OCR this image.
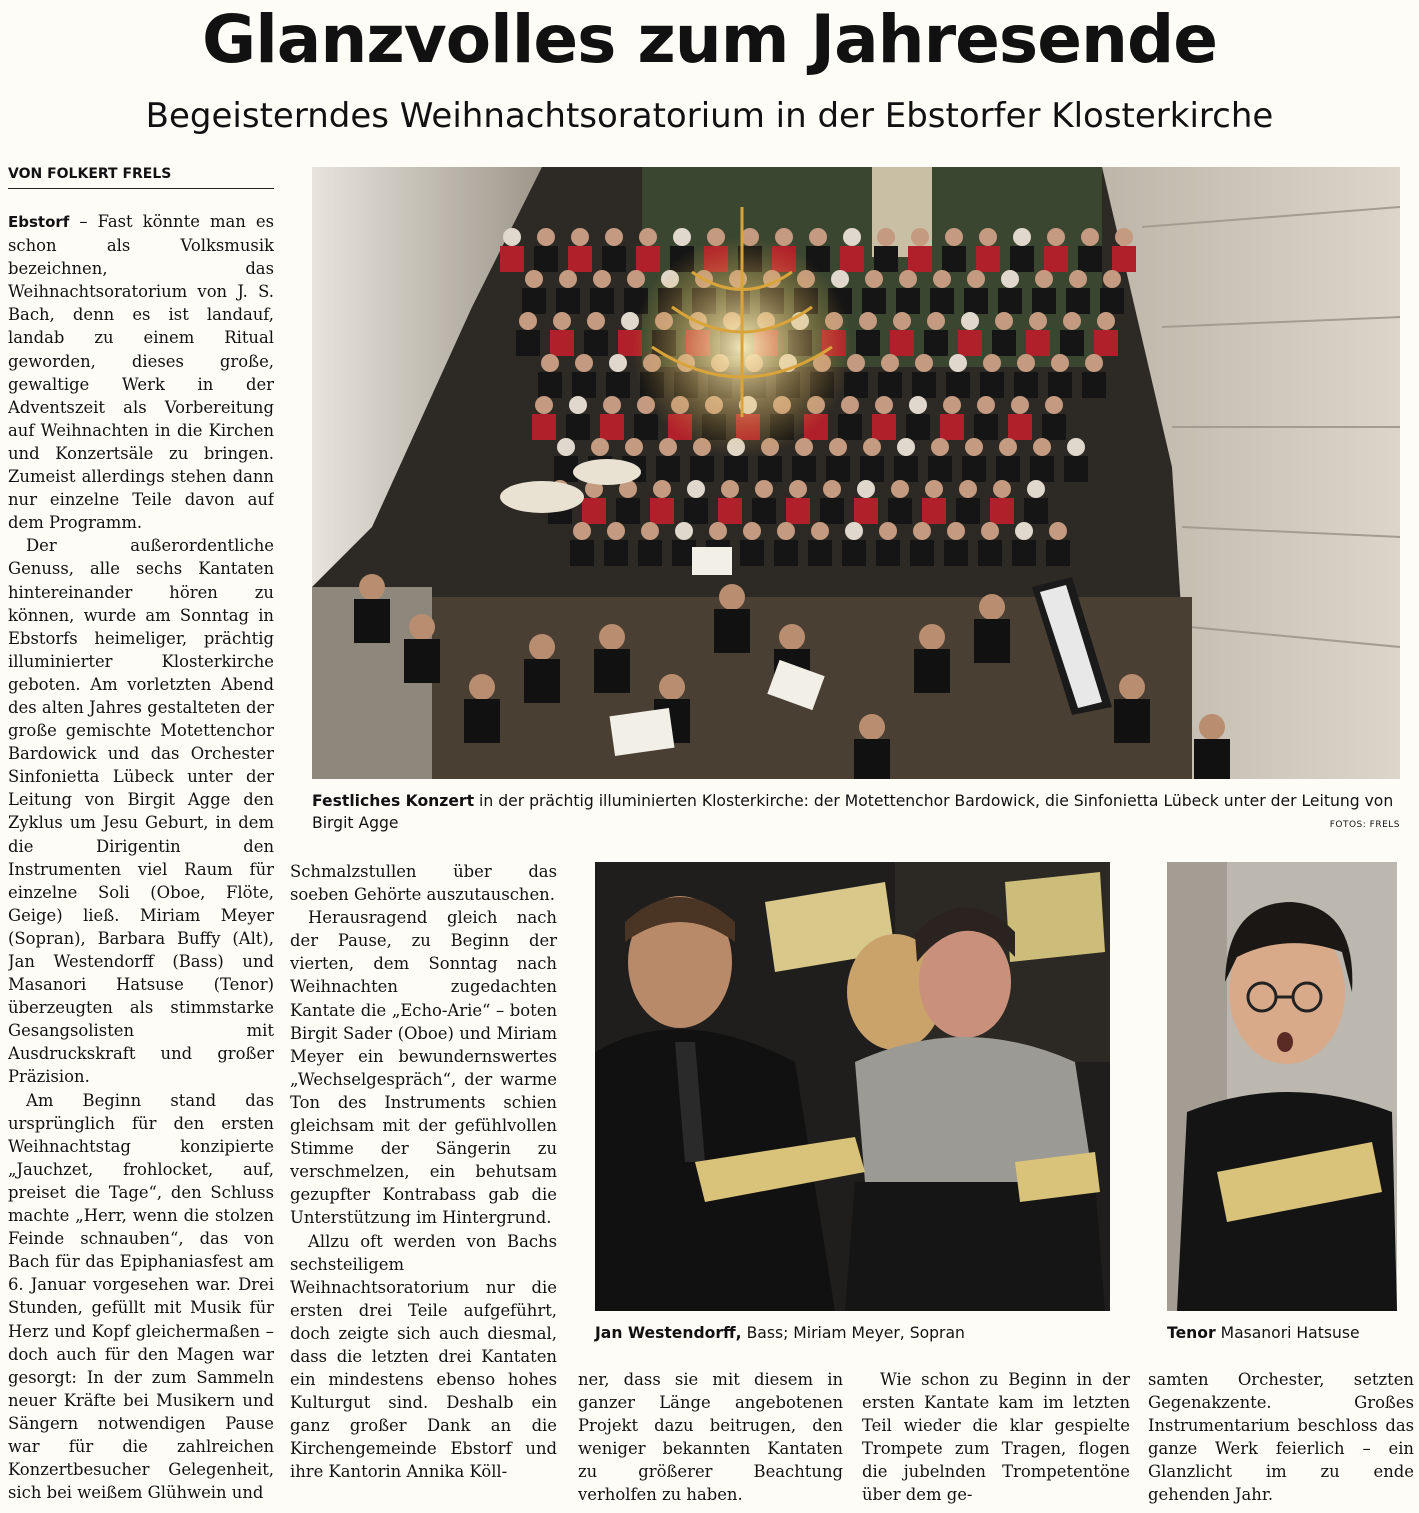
Glanzvolles zum Jahresende
Begeisterndes Weihnachtsoratorium in der Ebstorfer Klosterkirche
VON FOLKERT FRELS

Ebstorf – Fast könnte man es schon als Volksmusik bezeichnen, das Weihnachtsoratorium von J. S. Bach, denn es ist landauf, landab zu einem Ritual geworden, dieses große, gewaltige Werk in der Adventszeit als Vorbereitung auf Weihnachten in die Kirchen und Konzertsäle zu bringen. Zumeist allerdings stehen dann nur einzelne Teile davon auf dem Programm.

Der außerordentliche Genuss, alle sechs Kantaten hintereinander hören zu können, wurde am Sonntag in Ebstorfs heimeliger, prächtig illuminierter Klosterkirche geboten. Am vorletzten Abend des alten Jahres gestalteten der große gemischte Motettenchor Bardowick und das Orchester Sinfonietta Lübeck unter der Leitung von Birgit Agge den Zyklus um Jesu Geburt, in dem die Dirigentin den Instrumenten viel Raum für einzelne Soli (Oboe, Flöte, Geige) ließ. Miriam Meyer (Sopran), Barbara Buffy (Alt), Jan Westendorff (Bass) und Masanori Hatsuse (Tenor) überzeugten als stimmstarke Gesangsolisten mit Ausdruckskraft und großer Präzision.

Am Beginn stand das ursprünglich für den ersten Weihnachtstag konzipierte „Jauchzet, frohlocket, auf, preiset die Tage“, den Schluss machte „Herr, wenn die stolzen Feinde schnauben“, das von Bach für das Epiphaniasfest am 6. Januar vorgesehen war. Drei Stunden, gefüllt mit Musik für Herz und Kopf gleichermaßen – doch auch für den Magen war gesorgt: In der zum Sammeln neuer Kräfte bei Musikern und Sängern notwendigen Pause war für die zahlreichen Konzertbesucher Gelegenheit, sich bei weißem Glühwein und

Schmalzstullen über das soeben Gehörte auszutauschen.

Herausragend gleich nach der Pause, zu Beginn der vierten, dem Sonntag nach Weihnachten zugedachten Kantate die „Echo-Arie“ – boten Birgit Sader (Oboe) und Miriam Meyer ein bewundernswertes „Wechselgespräch“, der warme Ton des Instruments schien gleichsam mit der gefühlvollen Stimme der Sängerin zu verschmelzen, ein behutsam gezupfter Kontrabass gab die Unterstützung im Hintergrund.

Allzu oft werden von Bachs sechsteiligem Weihnachtsoratorium nur die ersten drei Teile aufgeführt, doch zeigte sich auch diesmal, dass die letzten drei Kantaten ein mindestens ebenso hohes Kulturgut sind. Deshalb ein ganz großer Dank an die Kirchengemeinde Ebstorf und ihre Kantorin Annika Köll-

ner, dass sie mit diesem in ganzer Länge angebotenen Projekt dazu beitrugen, den weniger bekannten Kantaten zu größerer Beachtung verholfen zu haben.

Wie schon zu Beginn in der ersten Kantate kam im letzten Teil wieder die klar gespielte Trompete zum Tragen, flogen die jubelnden Trompetentöne über dem ge-

samten Orchester, setzten Gegenakzente. Großes Instrumentarium beschloss das ganze Werk feierlich – ein Glanzlicht im zu ende gehenden Jahr.

Festliches Konzert in der prächtig illuminierten Klosterkirche: der Motettenchor Bardowick, die Sinfonietta Lübeck unter der Leitung von Birgit Agge	FOTOS: FRELS
Jan Westendorff, Bass; Miriam Meyer, Sopran	Tenor Masanori Hatsuse
